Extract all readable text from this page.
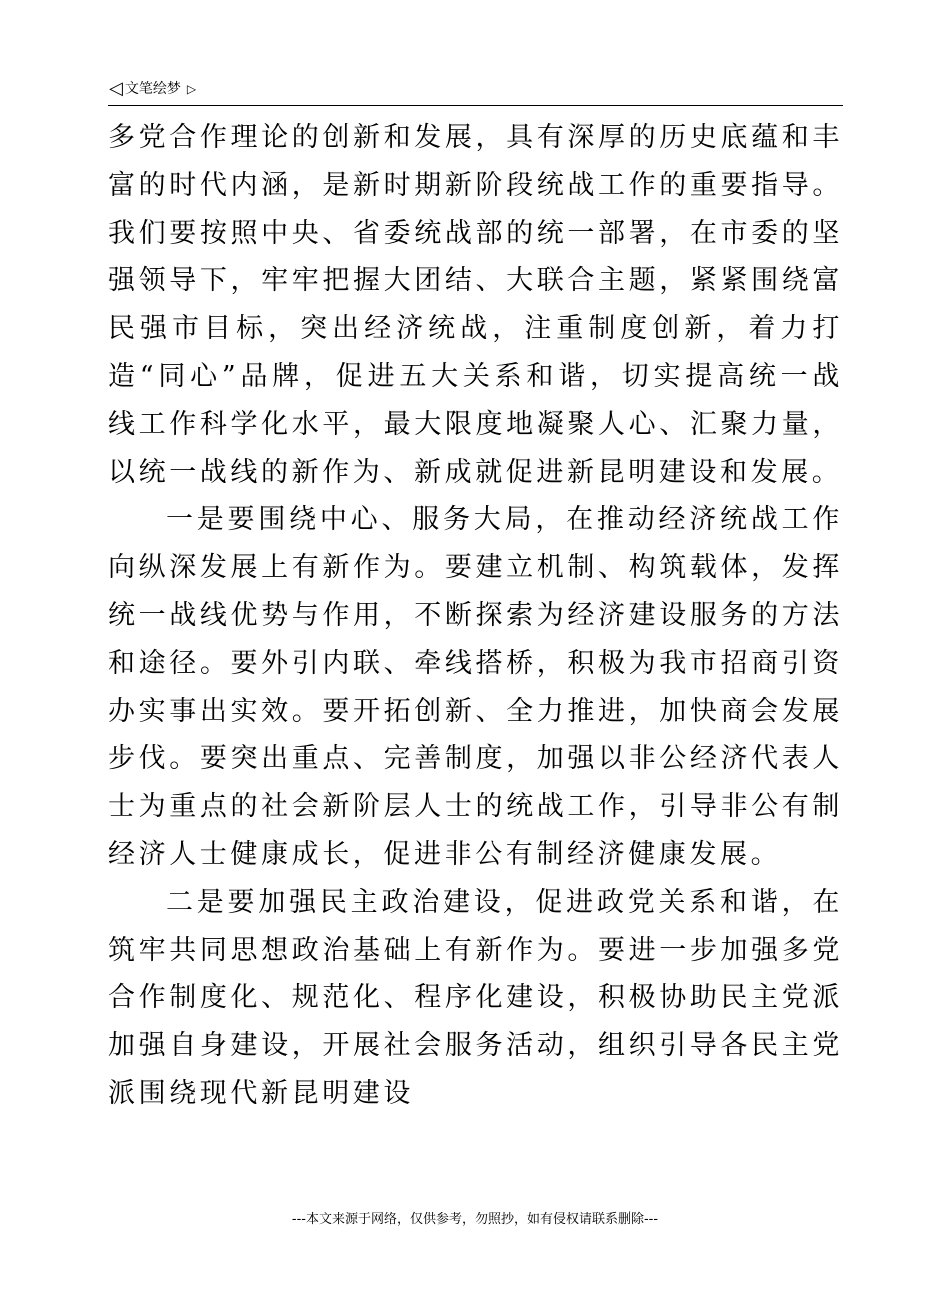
◁ 文笔绘梦 ▷

多党合作理论的创新和发展，具有深厚的历史底蕴和丰富的时代内涵，是新时期新阶段统战工作的重要指导。我们要按照中央、省委统战部的统一部署，在市委的坚强领导下，牢牢把握大团结、大联合主题，紧紧围绕富民强市目标，突出经济统战，注重制度创新，着力打造“同心”品牌，促进五大关系和谐，切实提高统一战线工作科学化水平，最大限度地凝聚人心、汇聚力量，以统一战线的新作为、新成就促进新昆明建设和发展。

一是要围绕中心、服务大局，在推动经济统战工作向纵深发展上有新作为。要建立机制、构筑载体，发挥统一战线优势与作用，不断探索为经济建设服务的方法和途径。要外引内联、牵线搭桥，积极为我市招商引资办实事出实效。要开拓创新、全力推进，加快商会发展步伐。要突出重点、完善制度，加强以非公经济代表人士为重点的社会新阶层人士的统战工作，引导非公有制经济人士健康成长，促进非公有制经济健康发展。

二是要加强民主政治建设，促进政党关系和谐，在筑牢共同思想政治基础上有新作为。要进一步加强多党合作制度化、规范化、程序化建设，积极协助民主党派加强自身建设，开展社会服务活动，组织引导各民主党派围绕现代新昆明建设

---本文来源于网络，仅供参考，勿照抄，如有侵权请联系删除---
